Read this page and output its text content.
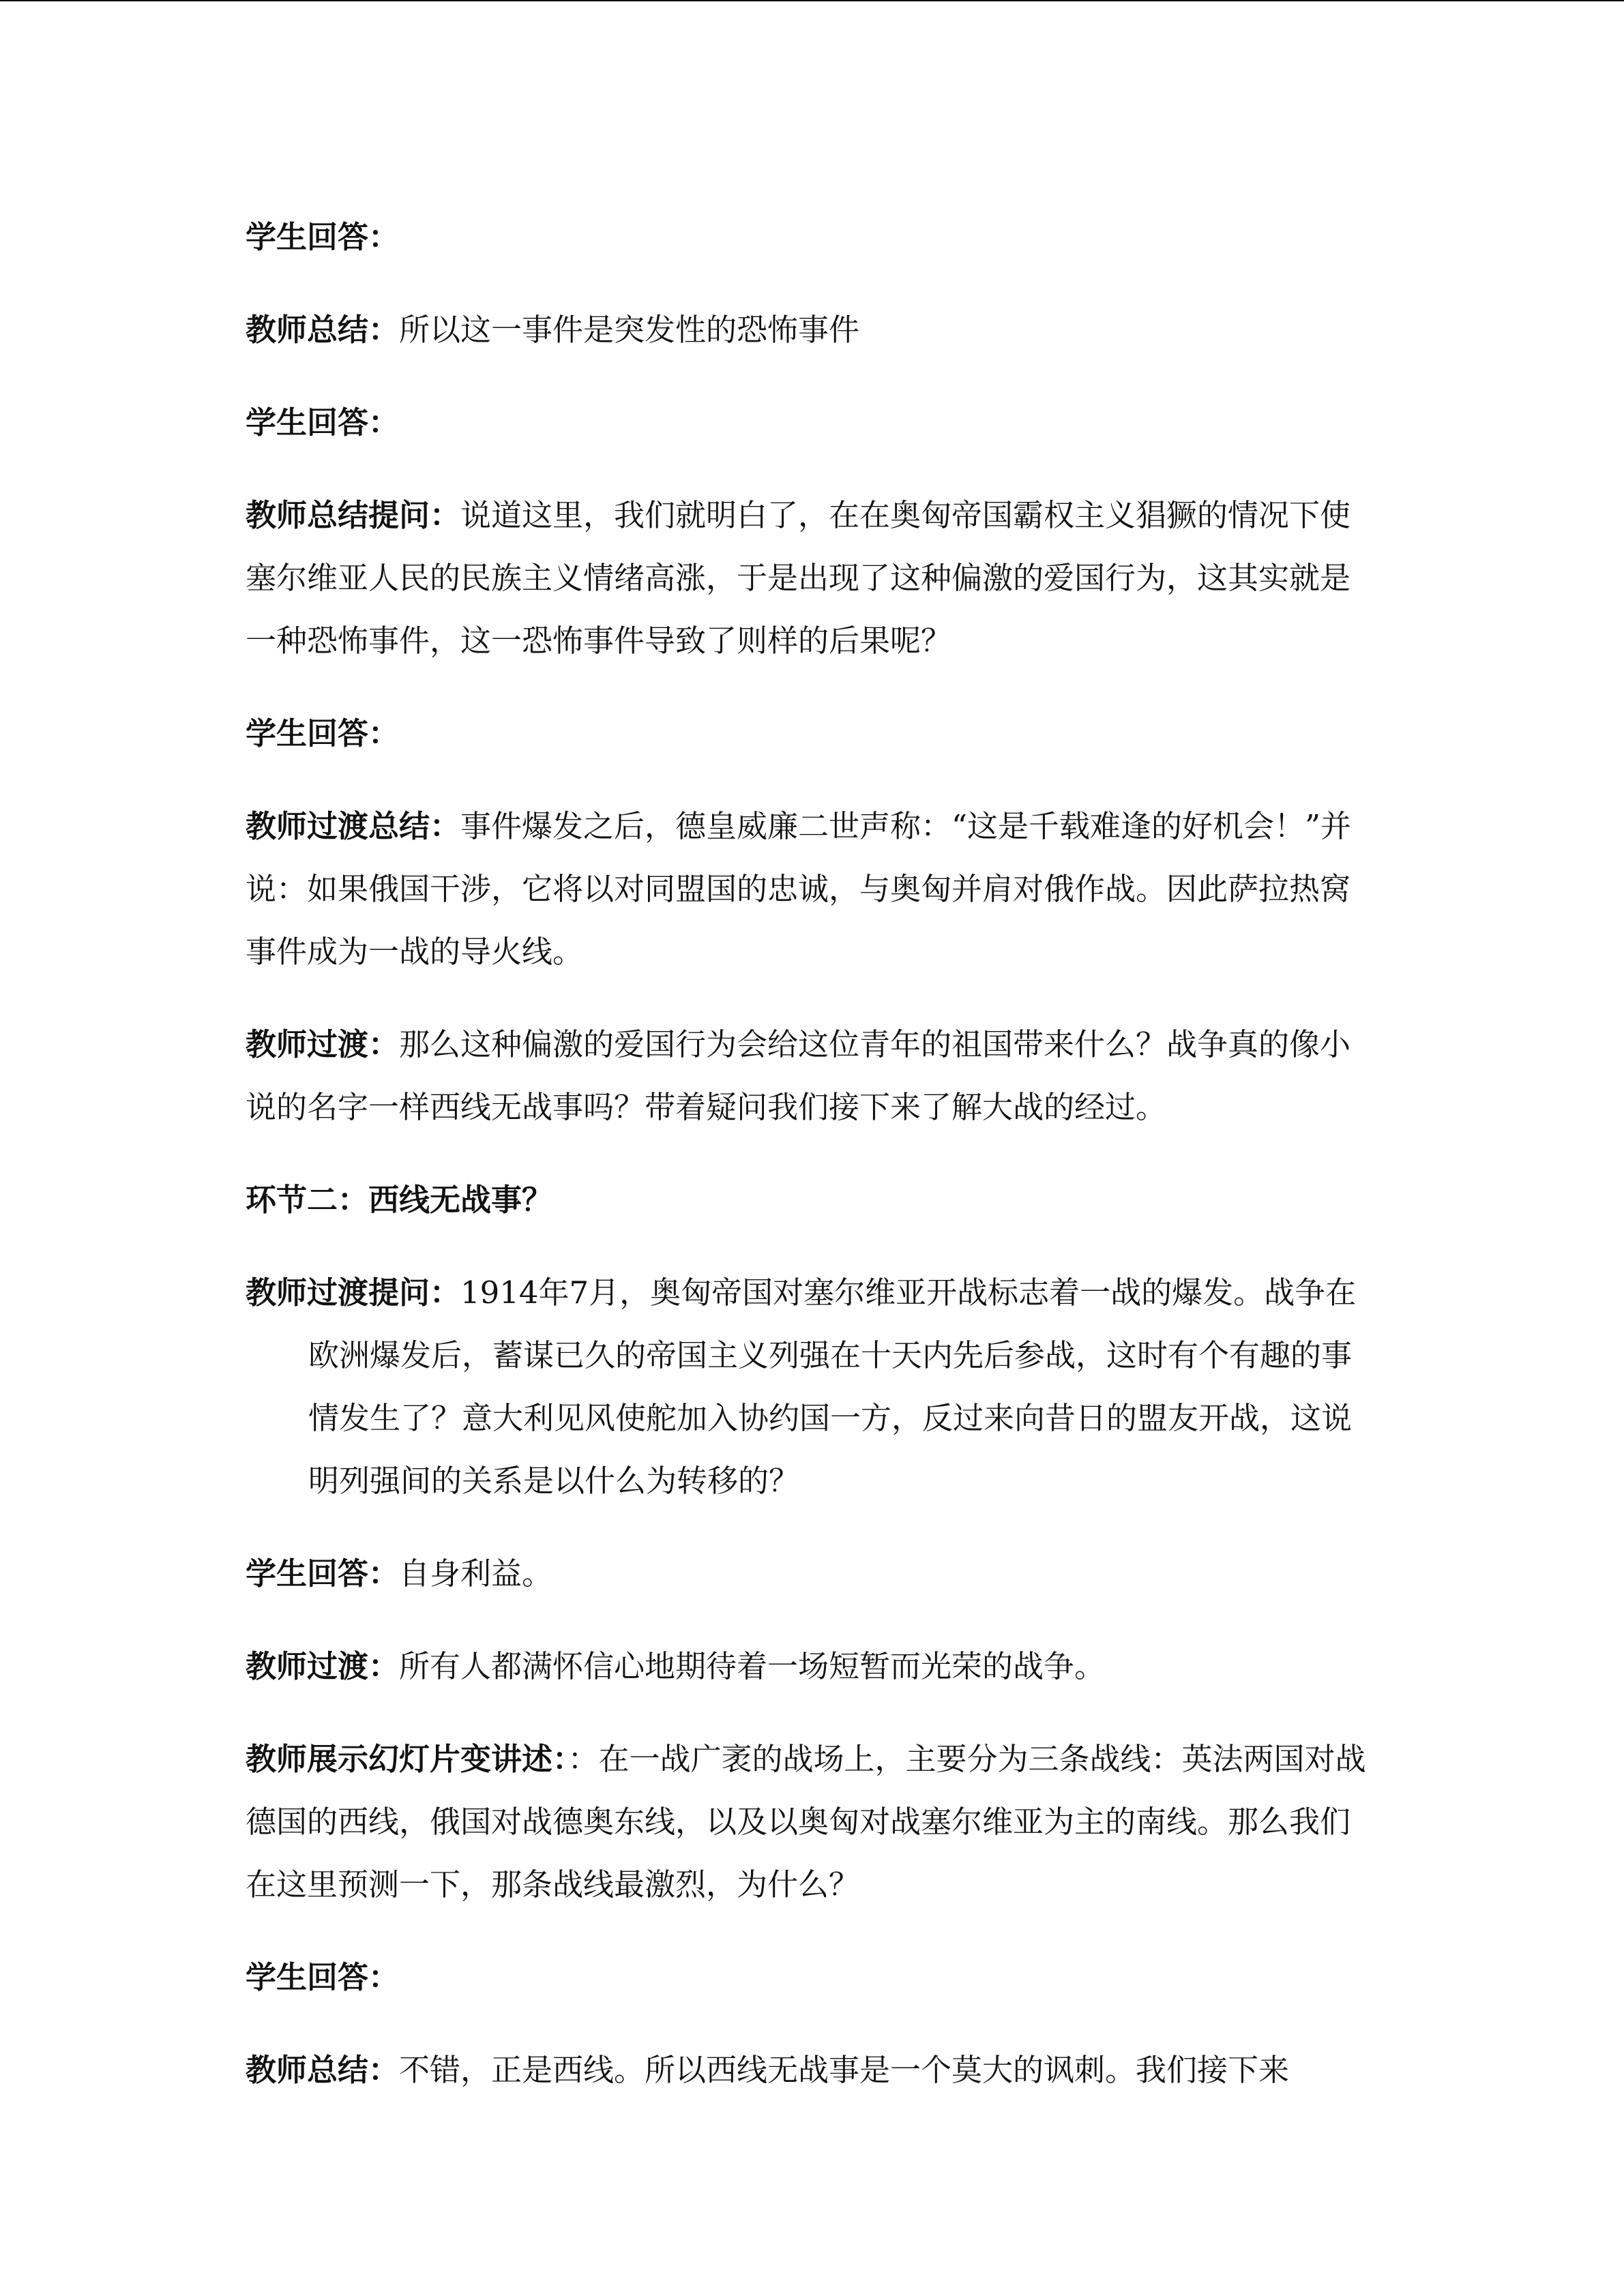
学生回答：

教师总结：所以这一事件是突发性的恐怖事件

学生回答：

教师总结提问：说道这里，我们就明白了，在在奥匈帝国霸权主义猖獗的情况下使塞尔维亚人民的民族主义情绪高涨，于是出现了这种偏激的爱国行为，这其实就是一种恐怖事件，这一恐怖事件导致了则样的后果呢？

学生回答：

教师过渡总结：事件爆发之后，德皇威廉二世声称：“这是千载难逢的好机会！”并说：如果俄国干涉，它将以对同盟国的忠诚，与奥匈并肩对俄作战。因此萨拉热窝事件成为一战的导火线。

教师过渡：那么这种偏激的爱国行为会给这位青年的祖国带来什么？战争真的像小说的名字一样西线无战事吗？带着疑问我们接下来了解大战的经过。

环节二：西线无战事？

教师过渡提问：1914年7月，奥匈帝国对塞尔维亚开战标志着一战的爆发。战争在欧洲爆发后，蓄谋已久的帝国主义列强在十天内先后参战，这时有个有趣的事情发生了？意大利见风使舵加入协约国一方，反过来向昔日的盟友开战，这说明列强间的关系是以什么为转移的？

学生回答：自身利益。

教师过渡：所有人都满怀信心地期待着一场短暂而光荣的战争。

教师展示幻灯片变讲述：：在一战广袤的战场上，主要分为三条战线：英法两国对战德国的西线，俄国对战德奥东线，以及以奥匈对战塞尔维亚为主的南线。那么我们在这里预测一下，那条战线最激烈，为什么？

学生回答：

教师总结：不错，正是西线。所以西线无战事是一个莫大的讽刺。我们接下来
